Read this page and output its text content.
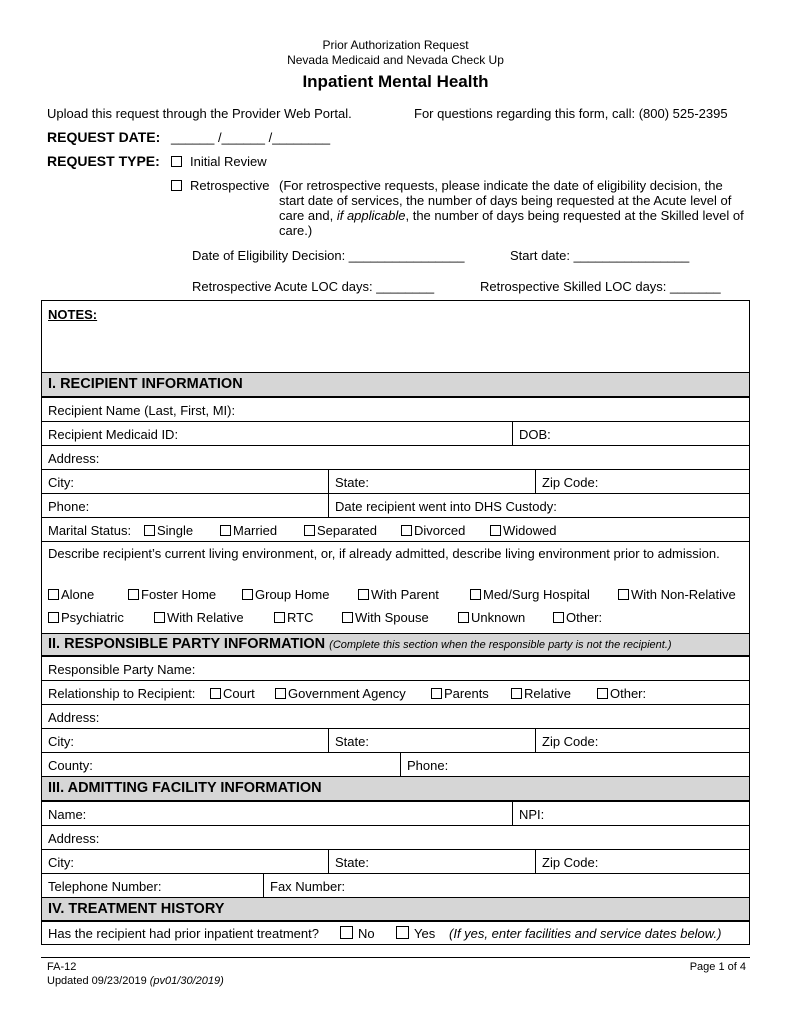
Prior Authorization Request
Nevada Medicaid and Nevada Check Up
Inpatient Mental Health
Upload this request through the Provider Web Portal.	For questions regarding this form, call: (800) 525-2395
REQUEST DATE: ______ /______ /________
REQUEST TYPE:	Initial Review
Retrospective (For retrospective requests, please indicate the date of eligibility decision, the start date of services, the number of days being requested at the Acute level of care and, if applicable, the number of days being requested at the Skilled level of care.)
Date of Eligibility Decision: ________________	Start date: ________________
Retrospective Acute LOC days: ________	Retrospective Skilled LOC days: _______
NOTES:
I. RECIPIENT INFORMATION
Recipient Name (Last, First, MI):
Recipient Medicaid ID:	DOB:
Address:
City:	State:	Zip Code:
Phone:	Date recipient went into DHS Custody:
Marital Status:	Single	Married	Separated	Divorced	Widowed
Describe recipient’s current living environment, or, if already admitted, describe living environment prior to admission.
Alone	Foster Home	Group Home	With Parent	Med/Surg Hospital	With Non-Relative
Psychiatric	With Relative	RTC	With Spouse	Unknown	Other:
II. RESPONSIBLE PARTY INFORMATION (Complete this section when the responsible party is not the recipient.)
Responsible Party Name:
Relationship to Recipient:	Court	Government Agency	Parents	Relative	Other:
Address:
City:	State:	Zip Code:
County:	Phone:
III. ADMITTING FACILITY INFORMATION
Name:	NPI:
Address:
City:	State:	Zip Code:
Telephone Number:	Fax Number:
IV. TREATMENT HISTORY
Has the recipient had prior inpatient treatment?	No	Yes (If yes, enter facilities and service dates below.)
FA-12
Updated 09/23/2019 (pv01/30/2019)
Page 1 of 4
